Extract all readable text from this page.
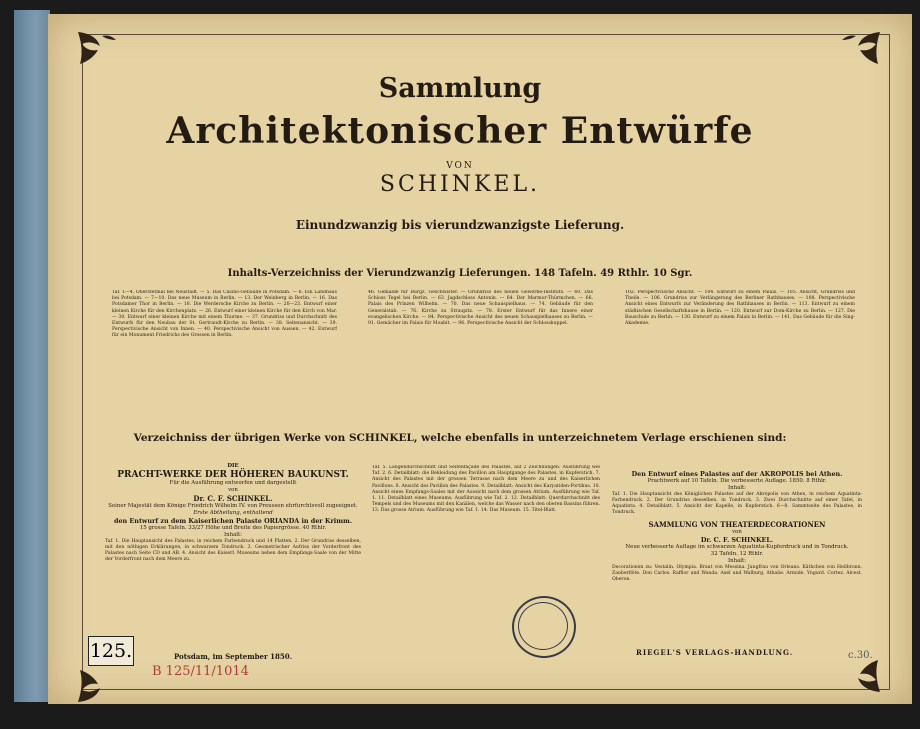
Sammlung
Architektonischer Entwürfe
VON
SCHINKEL.
Einundzwanzig bis vierundzwanzigste Lieferung.
Inhalts-Verzeichniss der Vierundzwanzig Lieferungen. 148 Tafeln. 49 Rthlr. 10 Sgr.
Taf. 1—4. Oberstetmal bei Neustadt. — 5. Das Casino-Gebäude in Potsdam. — 6. Ein Landhaus bei Potsdam. — 7—10. Das neue Museum in Berlin. — 13. Der Weinberg in Berlin. — 16. Das Potsdamer Thor in Berlin. — 18. Die Werdersche Kirche zu Berlin. — 20—23. Entwurf einer kleinen Kirche für den Kirchenplatz. — 26. Entwurf einer kleinen Kirche für den Kirch von Mar. — 30. Entwurf einer kleinen Kirche mit einem Thurme. — 37. Grundriss und Durchschnitt des Entwurfs für den Neubau der St. Gertraudt-Kirche zu Berlin. — 38. Seitenansicht. — 39. Perspectivische Ansicht von Innen. — 40. Perspectivische Ansicht von Aussen. — 42. Entwurf für ein Monument Friedrichs des Grossen in Berlin.
46. Gemälde für Burgz. Geschwister. — Grundriss des neuen Gewerbe-Instituts. — 60. Das Schloss Tegel bei Berlin. — 63. Jagdschloss Antonin. — 64. Der Marmor-Thürmchen. — 66. Palais des Prinzen Wilhelm. — 70. Das neue Schauspielhaus. — 74. Gebäude für den Generalstab. — 76. Kirche zu Straupitz. — 78. Erster Entwurf für das Innere einer evangelischen Kirche. — 84. Perspectivische Ansicht des neuen Schauspielhauses zu Berlin. — 91. Gemächer im Palais für Moabit. — 96. Perspectivische Ansicht der Schlosskuppel.
102. Perspectivische Ansicht. — 104. Entwurf zu einem Palais. — 105. Ansicht, Grundriss und Theile. — 106. Grundriss zur Verlängerung des Berliner Rathhauses. — 108. Perspectivische Ansicht eines Entwurfs zur Veränderung des Rathhauses in Berlin. — 113. Entwurf zu einem städtischen Gesellschaftshause in Berlin. — 120. Entwurf zur Dom-Kirche zu Berlin. — 127. Die Bauschule zu Berlin. — 130. Entwurf zu einem Palais in Berlin. — 141. Das Gebäude für die Sing-Akademie.
Verzeichniss der übrigen Werke von SCHINKEL, welche ebenfalls in unterzeichnetem Verlage erschienen sind:
DIE
PRACHT-WERKE DER HÖHEREN BAUKUNST.
Für die Ausführung entworfen und dargestellt
von
Dr. C. F. SCHINKEL.
Seiner Majestät dem Könige Friedrich Wilhelm IV. von Preussen ehrfurchtsvoll zugeeignet.
Erste Abtheilung, enthaltend
den Entwurf zu dem Kaiserlichen Palaste ORIANDA in der Krimm.
15 grosse Tafeln. 33/27 Höhe und Breite des Papiergrösse. 40 Rthlr.
Inhalt:
Taf. 1. Die Hauptansicht des Palastes, in reichem Farbendruck und 14 Platten. 2. Der Grundriss desselben, mit den nöthigen Erklärungen, in schwarzem Tondruck. 3. Geometrischer Aufriss der Vorderfront des Palastes nach Seite CD und AB. 4. Ansicht des Kaiserl. Museums neben dem Empfangs-Saale von der Mitte der Vorderfront nach dem Meere zu.
Potsdam, im September 1850.
Taf. 5. Längendurchschnitt und Seitenfaçade des Palastes, auf 2 Zeichnungen. Ausführung wie Taf. 2. 6. Detailblatt: die Bekleidung des Pavillon am Hauptgange des Palastes, in Kupferstich. 7. Ansicht des Palastes mit der grossen Terrasse nach dem Meere zu und des Kaiserlichen Pavillons. 8. Ansicht des Pavillon des Palastes. 9. Detailblatt: Ansicht des Karyatiden-Portikus. 10. Ansicht eines Empfangs-Saales mit der Aussicht nach dem grossen Atrium. Ausführung wie Taf. 1. 11. Detailblatt eines Museums. Ausführung wie Taf. 2. 12. Detailblatt: Querdurchschnitt des Tempels und des Museums mit den Kanälen, welche das Wasser nach den oberen Bassins führen. 13. Das grosse Atrium. Ausführung wie Taf. 1. 14. Das Museum. 15. Titel-Blatt.
Den Entwurf eines Palastes auf der AKROPOLIS bei Athen.
Prachtwerk auf 10 Tafeln. Die verbesserte Auflage. 1850. 8 Rthlr.
Inhalt:
Taf. 1. Die Hauptansicht des Königlichen Palastes auf der Akropolis von Athen, in reichem Aquatinta-Farbendruck. 2. Der Grundriss desselben, in Tondruck. 3. Zwei Durchschnitte auf einer Tafel, in Aquatinta. 4. Detailblatt. 5. Ansicht der Kapelle, in Kupferstich. 6—8. Sammtseite des Palastes, in Tondruck.
SAMMLUNG VON THEATERDECORATIONEN
von
Dr. C. F. SCHINKEL.
Neue verbesserte Auflage im schwarzen Aquatinta-Kupferdruck und in Tondruck.
32 Tafeln. 12 Rthlr.
Inhalt:
Decorationen zu: Vestalin. Olympia. Braut von Messina. Jungfrau von Orleans. Käthchen von Heilbronn. Zauberflöte. Don Carlos. Rafflor und Wanda. Axel und Walburg. Athalie. Armide. Yngurd. Cortez. Alcest. Oberon.
RIEGEL'S VERLAGS-HANDLUNG.
125.
B 125/11/1014
c.30.
